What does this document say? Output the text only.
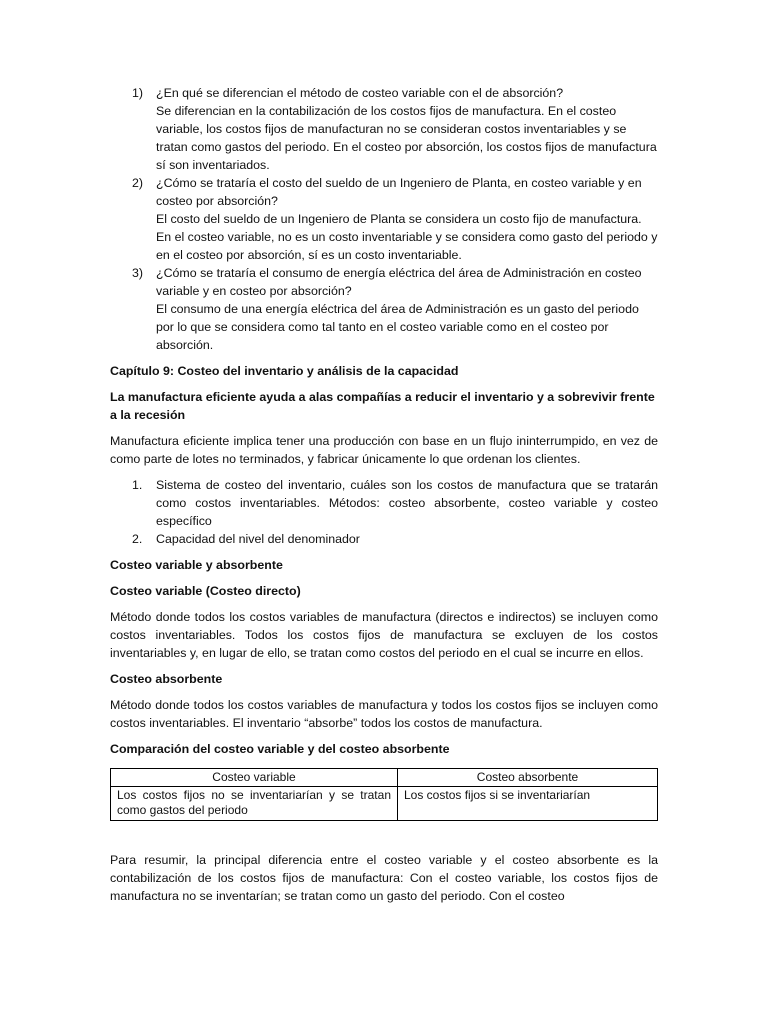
1) ¿En qué se diferencian el método de costeo variable con el de absorción?

Se diferencian en la contabilización de los costos fijos de manufactura. En el costeo variable, los costos fijos de manufacturan no se consideran costos inventariables y se tratan como gastos del periodo. En el costeo por absorción, los costos fijos de manufactura sí son inventariados.

2) ¿Cómo se trataría el costo del sueldo de un Ingeniero de Planta, en costeo variable y en costeo por absorción?

El costo del sueldo de un Ingeniero de Planta se considera un costo fijo de manufactura. En el costeo variable, no es un costo inventariable y se considera como gasto del periodo y en el costeo por absorción, sí es un costo inventariable.

3) ¿Cómo se trataría el consumo de energía eléctrica del área de Administración en costeo variable y en costeo por absorción?

El consumo de una energía eléctrica del área de Administración es un gasto del periodo por lo que se considera como tal tanto en el costeo variable como en el costeo por absorción.

Capítulo 9: Costeo del inventario y análisis de la capacidad

La manufactura eficiente ayuda a alas compañías a reducir el inventario y a sobrevivir frente a la recesión

Manufactura eficiente implica tener una producción con base en un flujo ininterrumpido, en vez de como parte de lotes no terminados, y fabricar únicamente lo que ordenan los clientes.

1. Sistema de costeo del inventario, cuáles son los costos de manufactura que se tratarán como costos inventariables. Métodos: costeo absorbente, costeo variable y costeo específico
2. Capacidad del nivel del denominador

Costeo variable y absorbente

Costeo variable (Costeo directo)

Método donde todos los costos variables de manufactura (directos e indirectos) se incluyen como costos inventariables. Todos los costos fijos de manufactura se excluyen de los costos inventariables y, en lugar de ello, se tratan como costos del periodo en el cual se incurre en ellos.

Costeo absorbente

Método donde todos los costos variables de manufactura y todos los costos fijos se incluyen como costos inventariables. El inventario “absorbe” todos los costos de manufactura.

Comparación del costeo variable y del costeo absorbente

Costeo variable	Costeo absorbente
Los costos fijos no se inventariarían y se tratan como gastos del periodo	Los costos fijos si se inventariarían

Para resumir, la principal diferencia entre el costeo variable y el costeo absorbente es la contabilización de los costos fijos de manufactura: Con el costeo variable, los costos fijos de manufactura no se inventarían; se tratan como un gasto del periodo. Con el costeo
